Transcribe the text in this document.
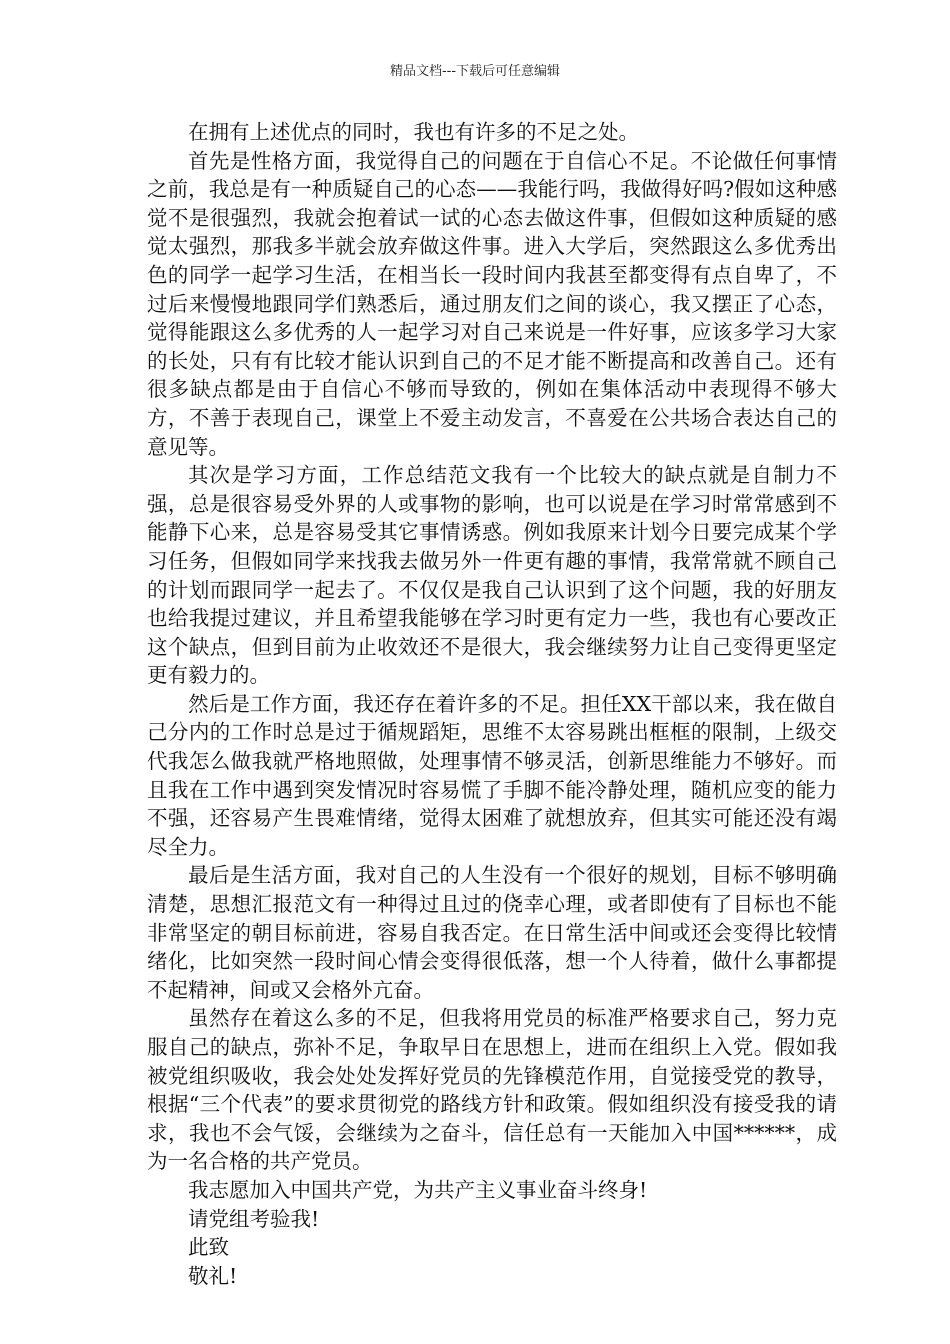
精品文档---下载后可任意编辑

在拥有上述优点的同时，我也有许多的不足之处。

首先是性格方面，我觉得自己的问题在于自信心不足。不论做任何事情之前，我总是有一种质疑自己的心态——我能行吗，我做得好吗?假如这种感觉不是很强烈，我就会抱着试一试的心态去做这件事，但假如这种质疑的感觉太强烈，那我多半就会放弃做这件事。进入大学后，突然跟这么多优秀出色的同学一起学习生活，在相当长一段时间内我甚至都变得有点自卑了，不过后来慢慢地跟同学们熟悉后，通过朋友们之间的谈心，我又摆正了心态，觉得能跟这么多优秀的人一起学习对自己来说是一件好事，应该多学习大家的长处，只有有比较才能认识到自己的不足才能不断提高和改善自己。还有很多缺点都是由于自信心不够而导致的，例如在集体活动中表现得不够大方，不善于表现自己，课堂上不爱主动发言，不喜爱在公共场合表达自己的意见等。

其次是学习方面，工作总结范文我有一个比较大的缺点就是自制力不强，总是很容易受外界的人或事物的影响，也可以说是在学习时常常感到不能静下心来，总是容易受其它事情诱惑。例如我原来计划今日要完成某个学习任务，但假如同学来找我去做另外一件更有趣的事情，我常常就不顾自己的计划而跟同学一起去了。不仅仅是我自己认识到了这个问题，我的好朋友也给我提过建议，并且希望我能够在学习时更有定力一些，我也有心要改正这个缺点，但到目前为止收效还不是很大，我会继续努力让自己变得更坚定更有毅力的。

然后是工作方面，我还存在着许多的不足。担任XX干部以来，我在做自己分内的工作时总是过于循规蹈矩，思维不太容易跳出框框的限制，上级交代我怎么做我就严格地照做，处理事情不够灵活，创新思维能力不够好。而且我在工作中遇到突发情况时容易慌了手脚不能冷静处理，随机应变的能力不强，还容易产生畏难情绪，觉得太困难了就想放弃，但其实可能还没有竭尽全力。

最后是生活方面，我对自己的人生没有一个很好的规划，目标不够明确清楚，思想汇报范文有一种得过且过的侥幸心理，或者即使有了目标也不能非常坚定的朝目标前进，容易自我否定。在日常生活中间或还会变得比较情绪化，比如突然一段时间心情会变得很低落，想一个人待着，做什么事都提不起精神，间或又会格外亢奋。

虽然存在着这么多的不足，但我将用党员的标准严格要求自己，努力克服自己的缺点，弥补不足，争取早日在思想上，进而在组织上入党。假如我被党组织吸收，我会处处发挥好党员的先锋模范作用，自觉接受党的教导，根据“三个代表”的要求贯彻党的路线方针和政策。假如组织没有接受我的请求，我也不会气馁，会继续为之奋斗，信任总有一天能加入中国******，成为一名合格的共产党员。

我志愿加入中国共产党，为共产主义事业奋斗终身!

请党组考验我!

此致

敬礼!
